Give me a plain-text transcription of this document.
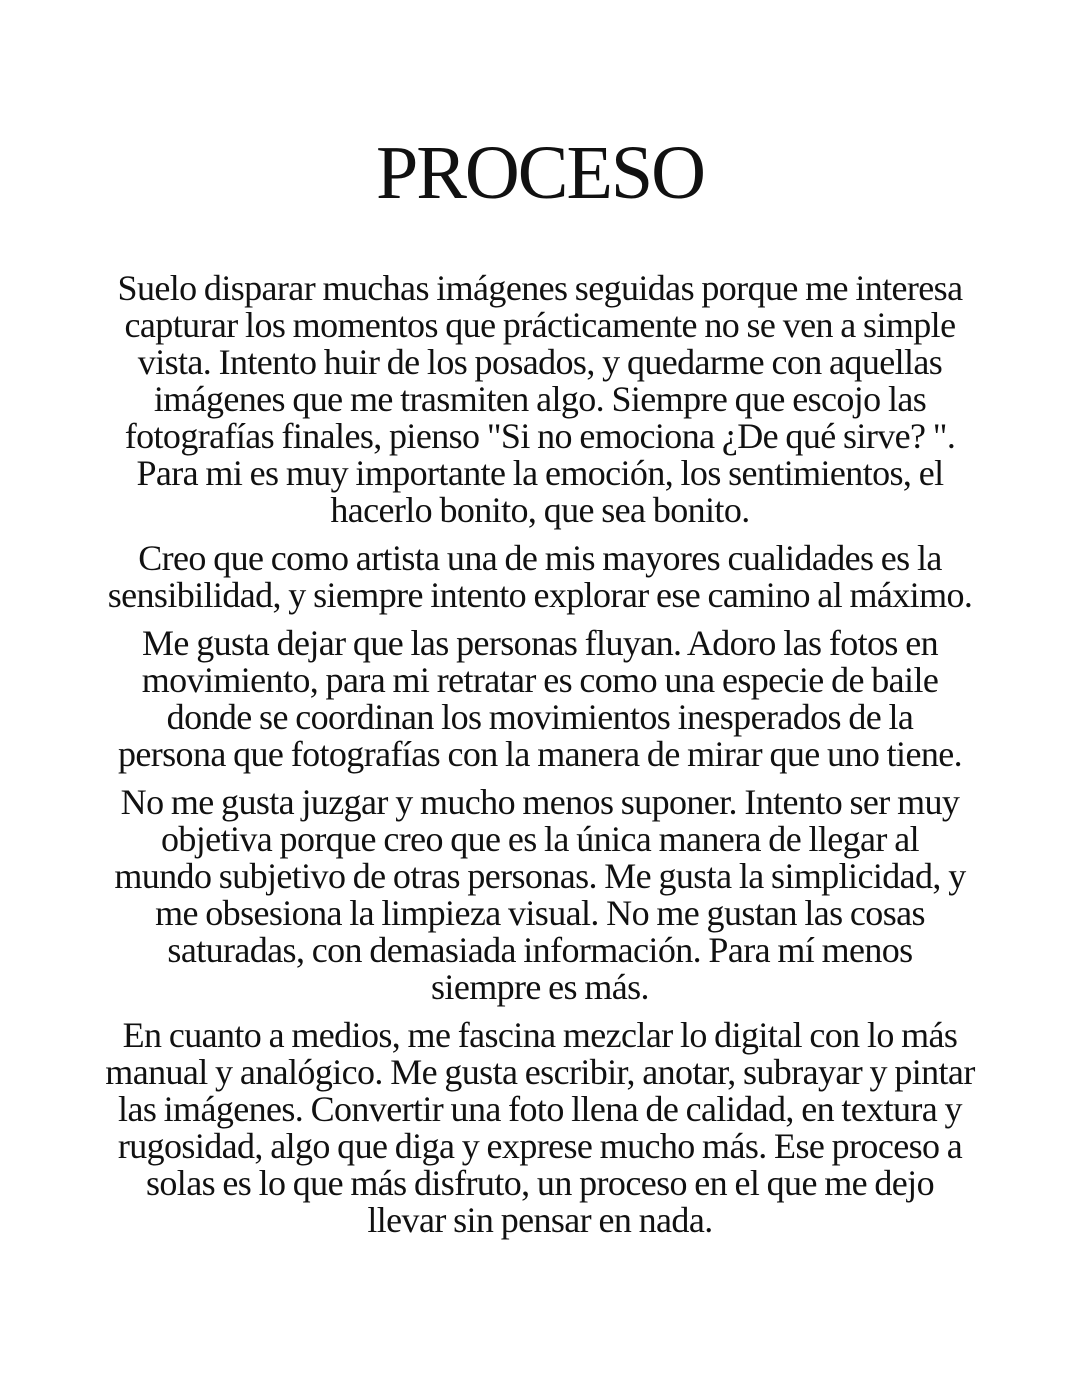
PROCESO

Suelo disparar muchas imágenes seguidas porque me interesa
capturar los momentos que prácticamente no se ven a simple
vista. Intento huir de los posados, y quedarme con aquellas
imágenes que me trasmiten algo. Siempre que escojo las
fotografías finales, pienso "Si no emociona ¿De qué sirve? ".
Para mi es muy importante la emoción, los sentimientos, el
hacerlo bonito, que sea bonito.

Creo que como artista una de mis mayores cualidades es la
sensibilidad, y siempre intento explorar ese camino al máximo.

Me gusta dejar que las personas fluyan. Adoro las fotos en
movimiento, para mi retratar es como una especie de baile
donde se coordinan los movimientos inesperados de la
persona que fotografías con la manera de mirar que uno tiene.

No me gusta juzgar y mucho menos suponer. Intento ser muy
objetiva porque creo que es la única manera de llegar al
mundo subjetivo de otras personas. Me gusta la simplicidad, y
me obsesiona la limpieza visual. No me gustan las cosas
saturadas, con demasiada información. Para mí menos
siempre es más.

En cuanto a medios, me fascina mezclar lo digital con lo más
manual y analógico. Me gusta escribir, anotar, subrayar y pintar
las imágenes. Convertir una foto llena de calidad, en textura y
rugosidad, algo que diga y exprese mucho más. Ese proceso a
solas es lo que más disfruto, un proceso en el que me dejo
llevar sin pensar en nada.
